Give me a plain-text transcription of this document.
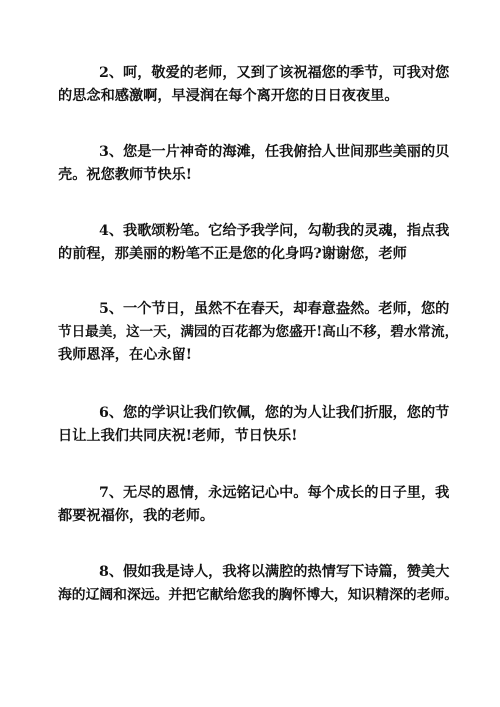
2、呵，敬爱的老师，又到了该祝福您的季节，可我对您
的思念和感激啊，早浸润在每个离开您的日日夜夜里。

3、您是一片神奇的海滩，任我俯拾人世间那些美丽的贝
壳。祝您教师节快乐!

4、我歌颂粉笔。它给予我学问，勾勒我的灵魂，指点我
的前程，那美丽的粉笔不正是您的化身吗?谢谢您，老师

5、一个节日，虽然不在春天，却春意盎然。老师，您的
节日最美，这一天，满园的百花都为您盛开!高山不移，碧水常流，
我师恩泽，在心永留!

6、您的学识让我们钦佩，您的为人让我们折服，您的节
日让上我们共同庆祝!老师，节日快乐!

7、无尽的恩情，永远铭记心中。每个成长的日子里，我
都要祝福你，我的老师。

8、假如我是诗人，我将以满腔的热情写下诗篇，赞美大
海的辽阔和深远。并把它献给您我的胸怀博大，知识精深的老师。
